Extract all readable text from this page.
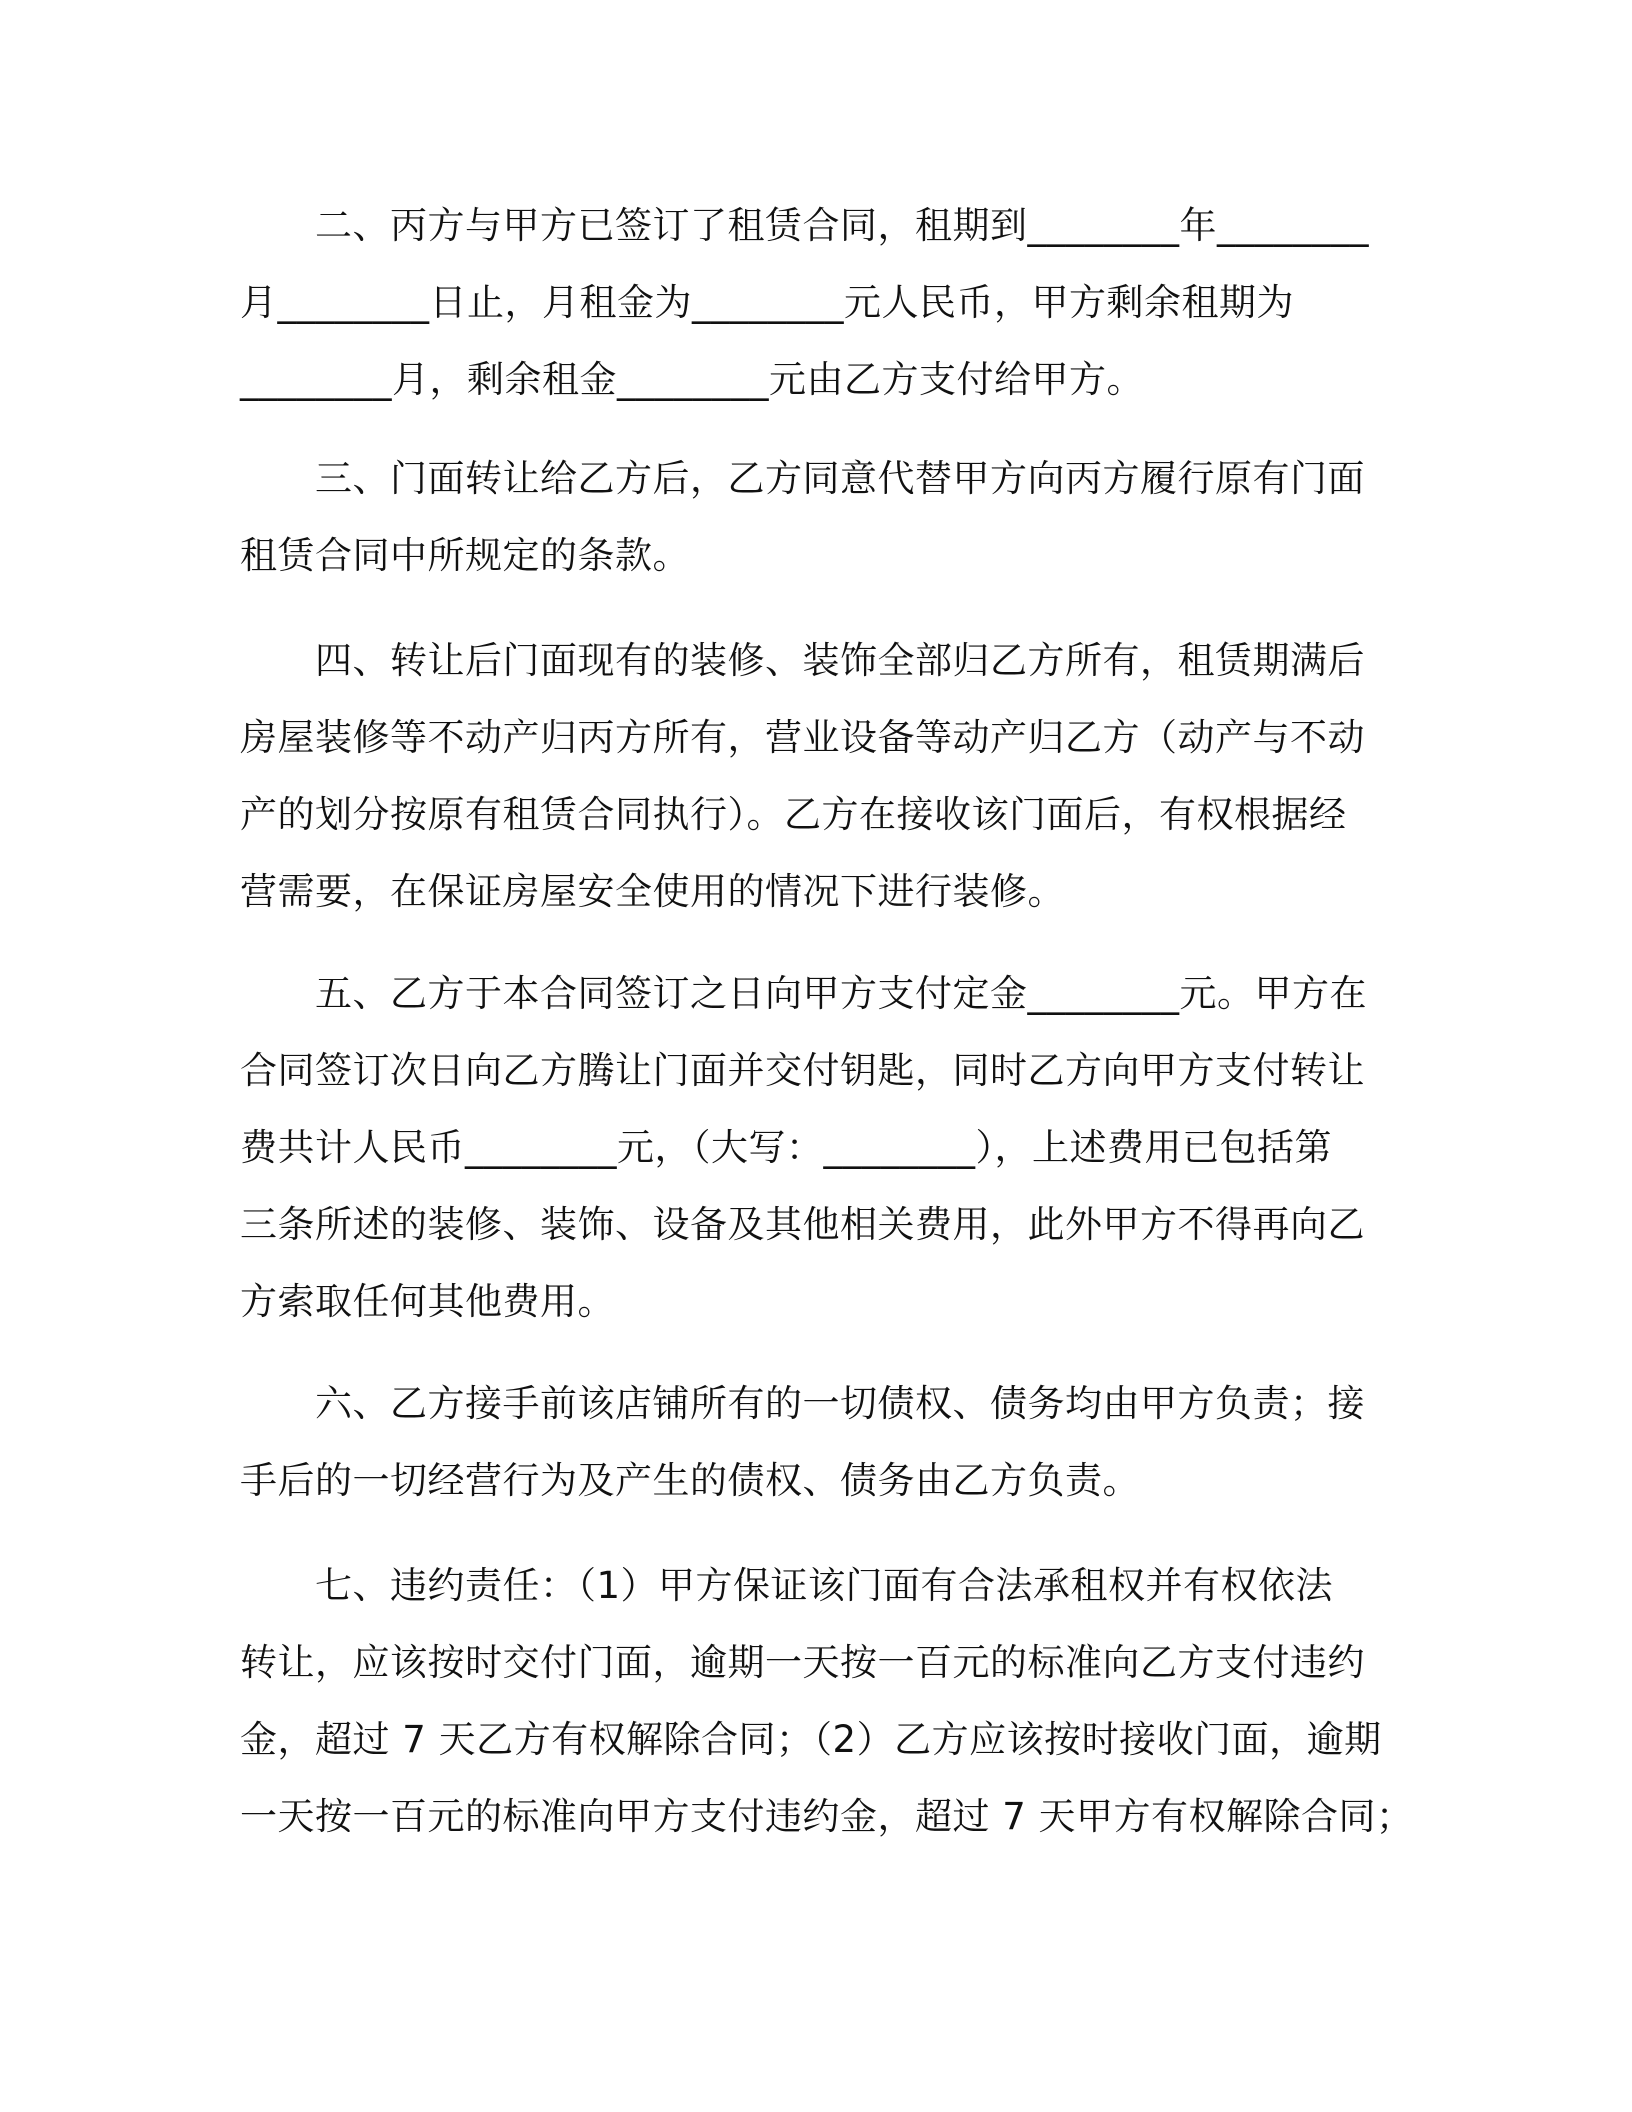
　　二、丙方与甲方已签订了租赁合同，租期到________年________
月________日止，月租金为________元人民币，甲方剩余租期为
________月，剩余租金________元由乙方支付给甲方。
　　三、门面转让给乙方后，乙方同意代替甲方向丙方履行原有门面
租赁合同中所规定的条款。
　　四、转让后门面现有的装修、装饰全部归乙方所有，租赁期满后
房屋装修等不动产归丙方所有，营业设备等动产归乙方（动产与不动
产的划分按原有租赁合同执行）。乙方在接收该门面后，有权根据经
营需要，在保证房屋安全使用的情况下进行装修。
　　五、乙方于本合同签订之日向甲方支付定金________元。甲方在
合同签订次日向乙方腾让门面并交付钥匙，同时乙方向甲方支付转让
费共计人民币________元，（大写：________），上述费用已包括第
三条所述的装修、装饰、设备及其他相关费用，此外甲方不得再向乙
方索取任何其他费用。
　　六、乙方接手前该店铺所有的一切债权、债务均由甲方负责；接
手后的一切经营行为及产生的债权、债务由乙方负责。
　　七、违约责任：（1）甲方保证该门面有合法承租权并有权依法
转让，应该按时交付门面，逾期一天按一百元的标准向乙方支付违约
金，超过 7 天乙方有权解除合同；（2）乙方应该按时接收门面，逾期
一天按一百元的标准向甲方支付违约金，超过 7 天甲方有权解除合同；
